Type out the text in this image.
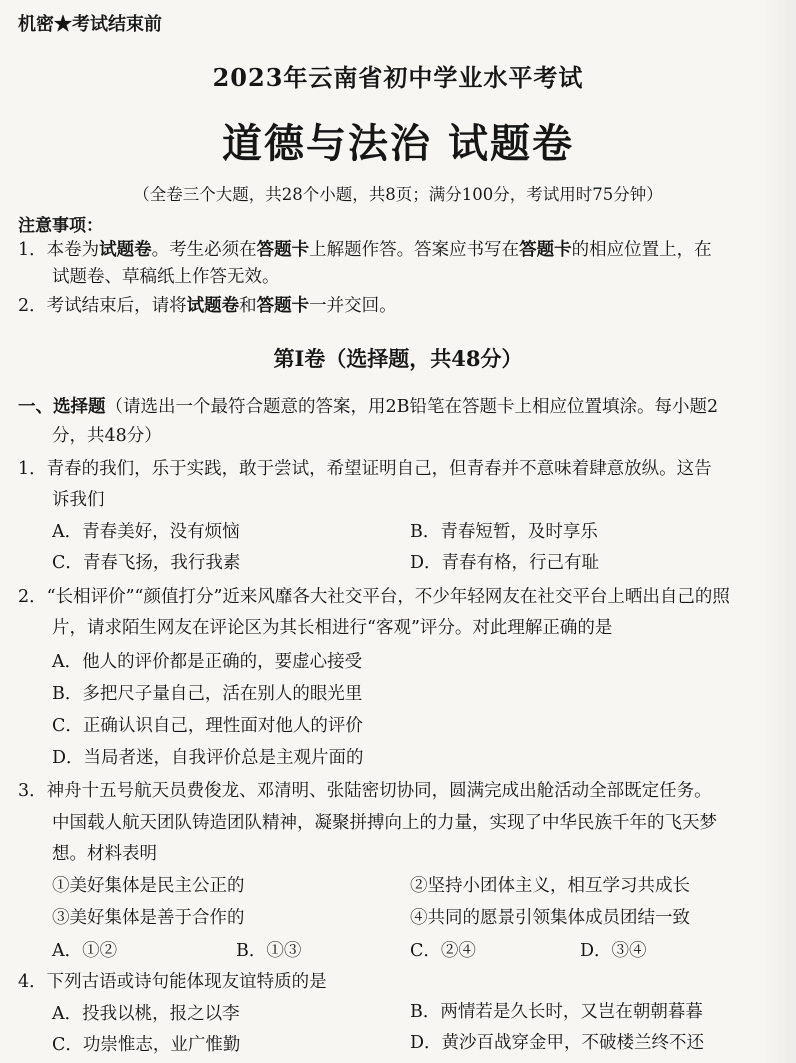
机密★考试结束前
2023年云南省初中学业水平考试
道德与法治 试题卷
（全卷三个大题，共28个小题，共8页；满分100分，考试用时75分钟）
注意事项：
1．本卷为试题卷。考生必须在答题卡上解题作答。答案应书写在答题卡的相应位置上，在
试题卷、草稿纸上作答无效。
2．考试结束后，请将试题卷和答题卡一并交回。
第Ⅰ卷（选择题，共48分）
一、选择题（请选出一个最符合题意的答案，用2B铅笔在答题卡上相应位置填涂。每小题2
分，共48分）
1．青春的我们，乐于实践，敢于尝试，希望证明自己，但青春并不意味着肆意放纵。这告
诉我们
A．青春美好，没有烦恼	B．青春短暂，及时享乐
C．青春飞扬，我行我素	D．青春有格，行己有耻
2．“长相评价”“颜值打分”近来风靡各大社交平台，不少年轻网友在社交平台上晒出自己的照
片，请求陌生网友在评论区为其长相进行“客观”评分。对此理解正确的是
A．他人的评价都是正确的，要虚心接受
B．多把尺子量自己，活在别人的眼光里
C．正确认识自己，理性面对他人的评价
D．当局者迷，自我评价总是主观片面的
3．神舟十五号航天员费俊龙、邓清明、张陆密切协同，圆满完成出舱活动全部既定任务。
中国载人航天团队铸造团队精神，凝聚拼搏向上的力量，实现了中华民族千年的飞天梦
想。材料表明
①美好集体是民主公正的	②坚持小团体主义，相互学习共成长
③美好集体是善于合作的	④共同的愿景引领集体成员团结一致
A．①②	B．①③	C．②④	D．③④
4．下列古语或诗句能体现友谊特质的是
A．投我以桃，报之以李	B．两情若是久长时，又岂在朝朝暮暮
C．功崇惟志，业广惟勤	D．黄沙百战穿金甲，不破楼兰终不还
